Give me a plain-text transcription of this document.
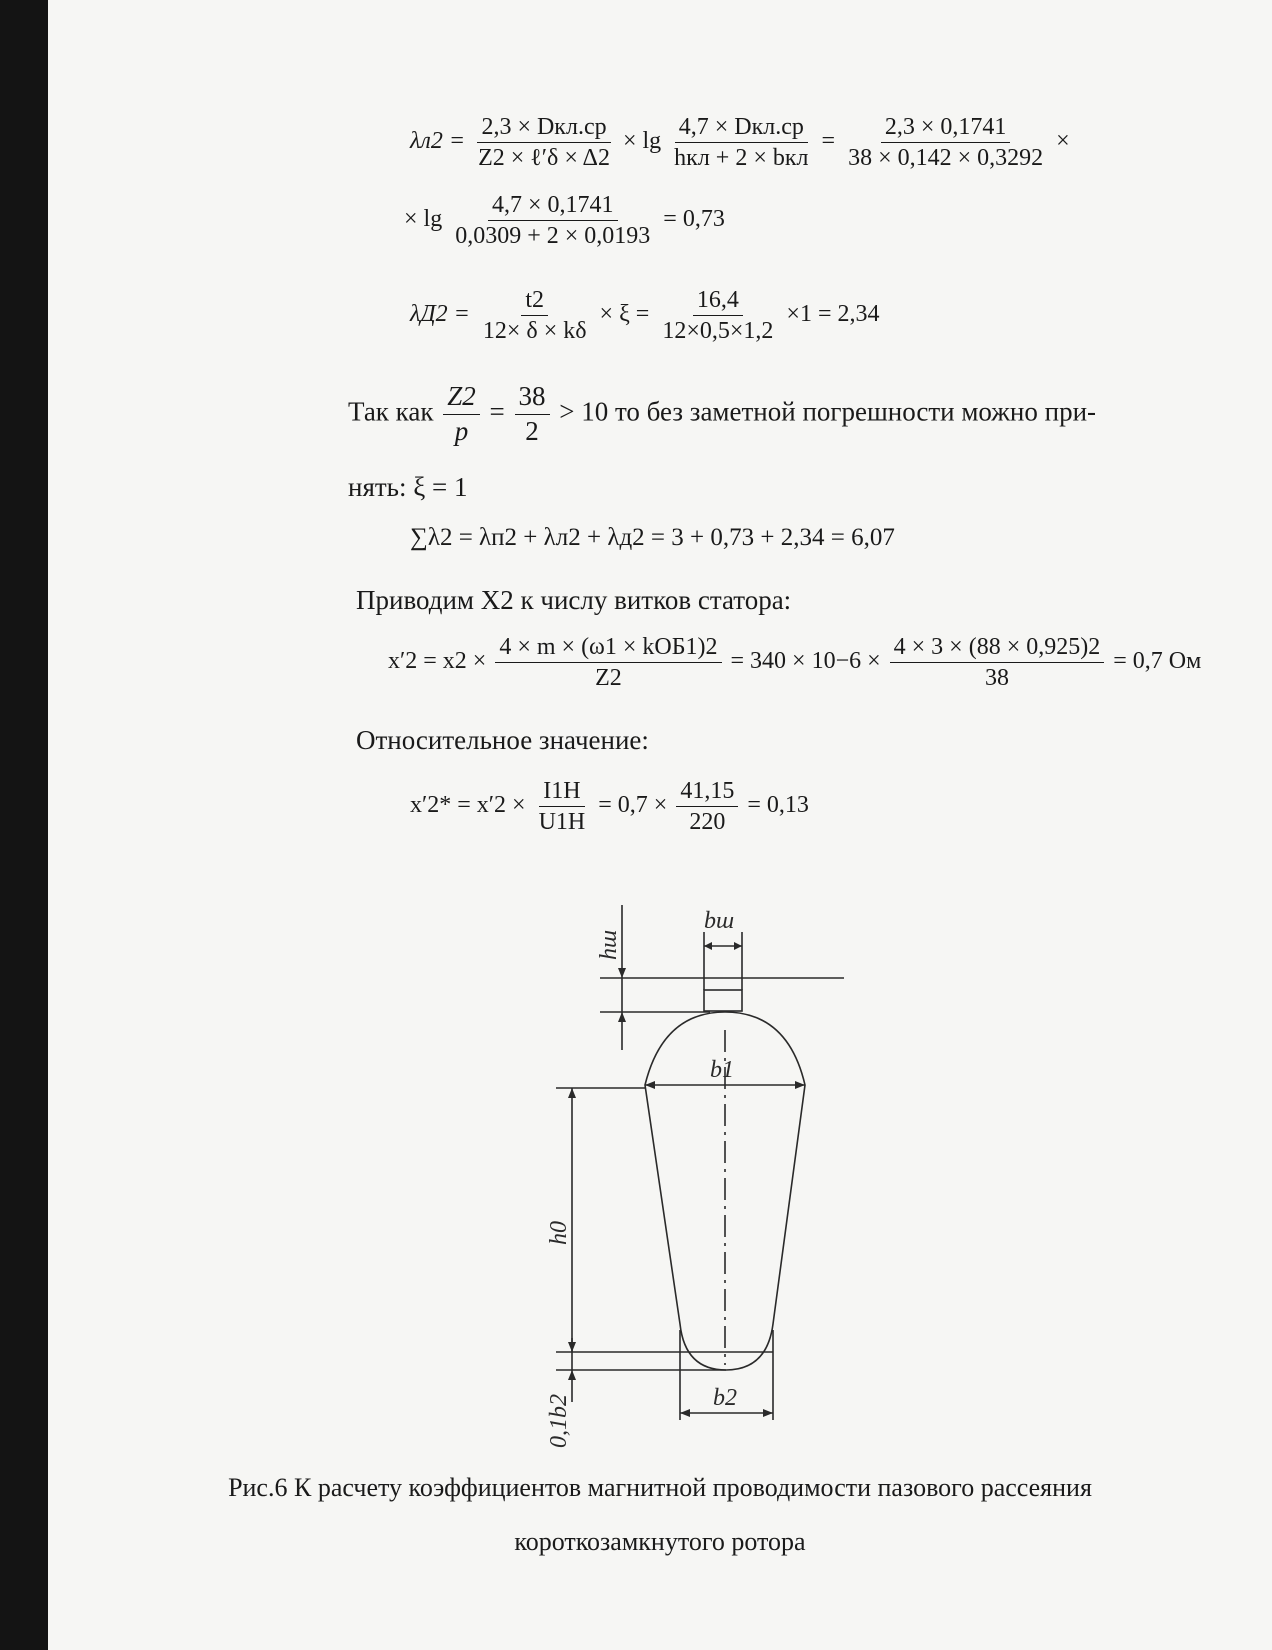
$\lambda л2 = \frac{\text{2,3 × Dкл.ср}}{\text{Z2 × ℓ′δ × Δ2}} \times \lg \frac{\text{4,7 × Dкл.ср}}{\text{hкл + 2 × bкл}} = \frac{2,3 \times 0,1741}{38 \times 0,142 \times 0,3292}$ ×
× $\lg \frac{4,7 \times 0,1741}{0,0309 + 2 \times 0,0193} = 0,73$
$\lambda Д2 = \frac{t2}{12\times \delta \times k\delta} \times \xi = \frac{16,4}{12\times 0,5\times 1,2} \times 1 = 2,34$
Так как $\frac{Z2}{p} = \frac{38}{2} > 10$ то без заметной погрешности можно при-
нять: ξ = 1
∑λ2 = λп2 + λл2 + λд2 = 3 + 0,73 + 2,34 = 6,07
Приводим X2 к числу витков статора:
$x'2 = x2 \times \frac{\text{4 × m × (ω1 × kОБ1)2}}{Z2} = 340 \times 10-6 \times \frac{4 \times 3 \times (88 \times 0,925)2}{38} = 0,7$ Ом
Относительное значение:
$x'2* = x'2 \times \frac{I1Н}{U1Н} = 0,7 \times \frac{41,15}{220} = 0,13$
bш
hш
b1
h0
b2
0,1b2
Рис.6 К расчету коэффициентов магнитной проводимости пазового рассеяния
короткозамкнутого ротора
